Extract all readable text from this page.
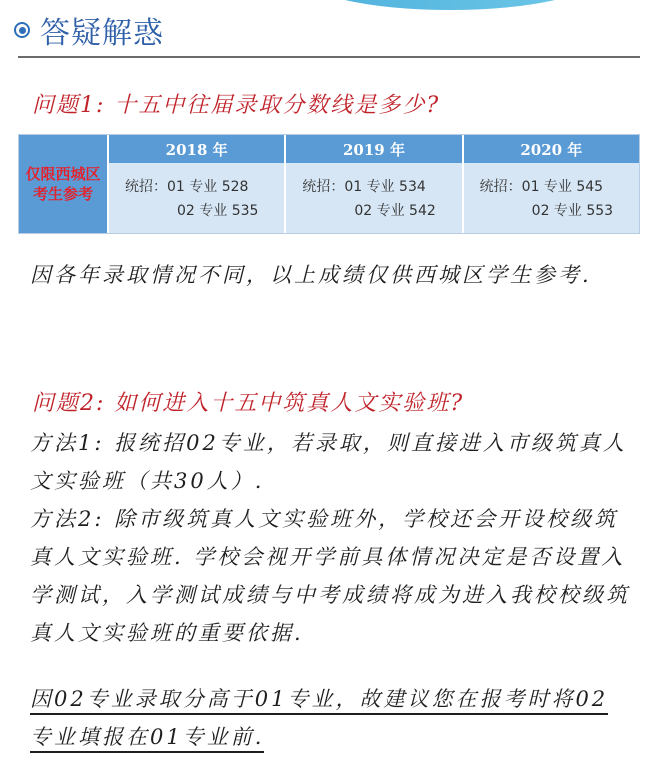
答疑解惑
问题1: 十五中往届录取分数线是多少?
仅限西城区考生参考
2018 年
统招：01 专业 528
02 专业 535
2019 年
统招：01 专业 534
02 专业 542
2020 年
统招：01 专业 545
02 专业 553
因各年录取情况不同，以上成绩仅供西城区学生参考.
问题2: 如何进入十五中筑真人文实验班?
方法1: 报统招02专业，若录取，则直接进入市级筑真人文实验班（共30人）.
方法2: 除市级筑真人文实验班外，学校还会开设校级筑真人文实验班. 学校会视开学前具体情况决定是否设置入学测试，入学测试成绩与中考成绩将成为进入我校校级筑真人文实验班的重要依据.
因02专业录取分高于01专业，故建议您在报考时将02专业填报在01专业前.
